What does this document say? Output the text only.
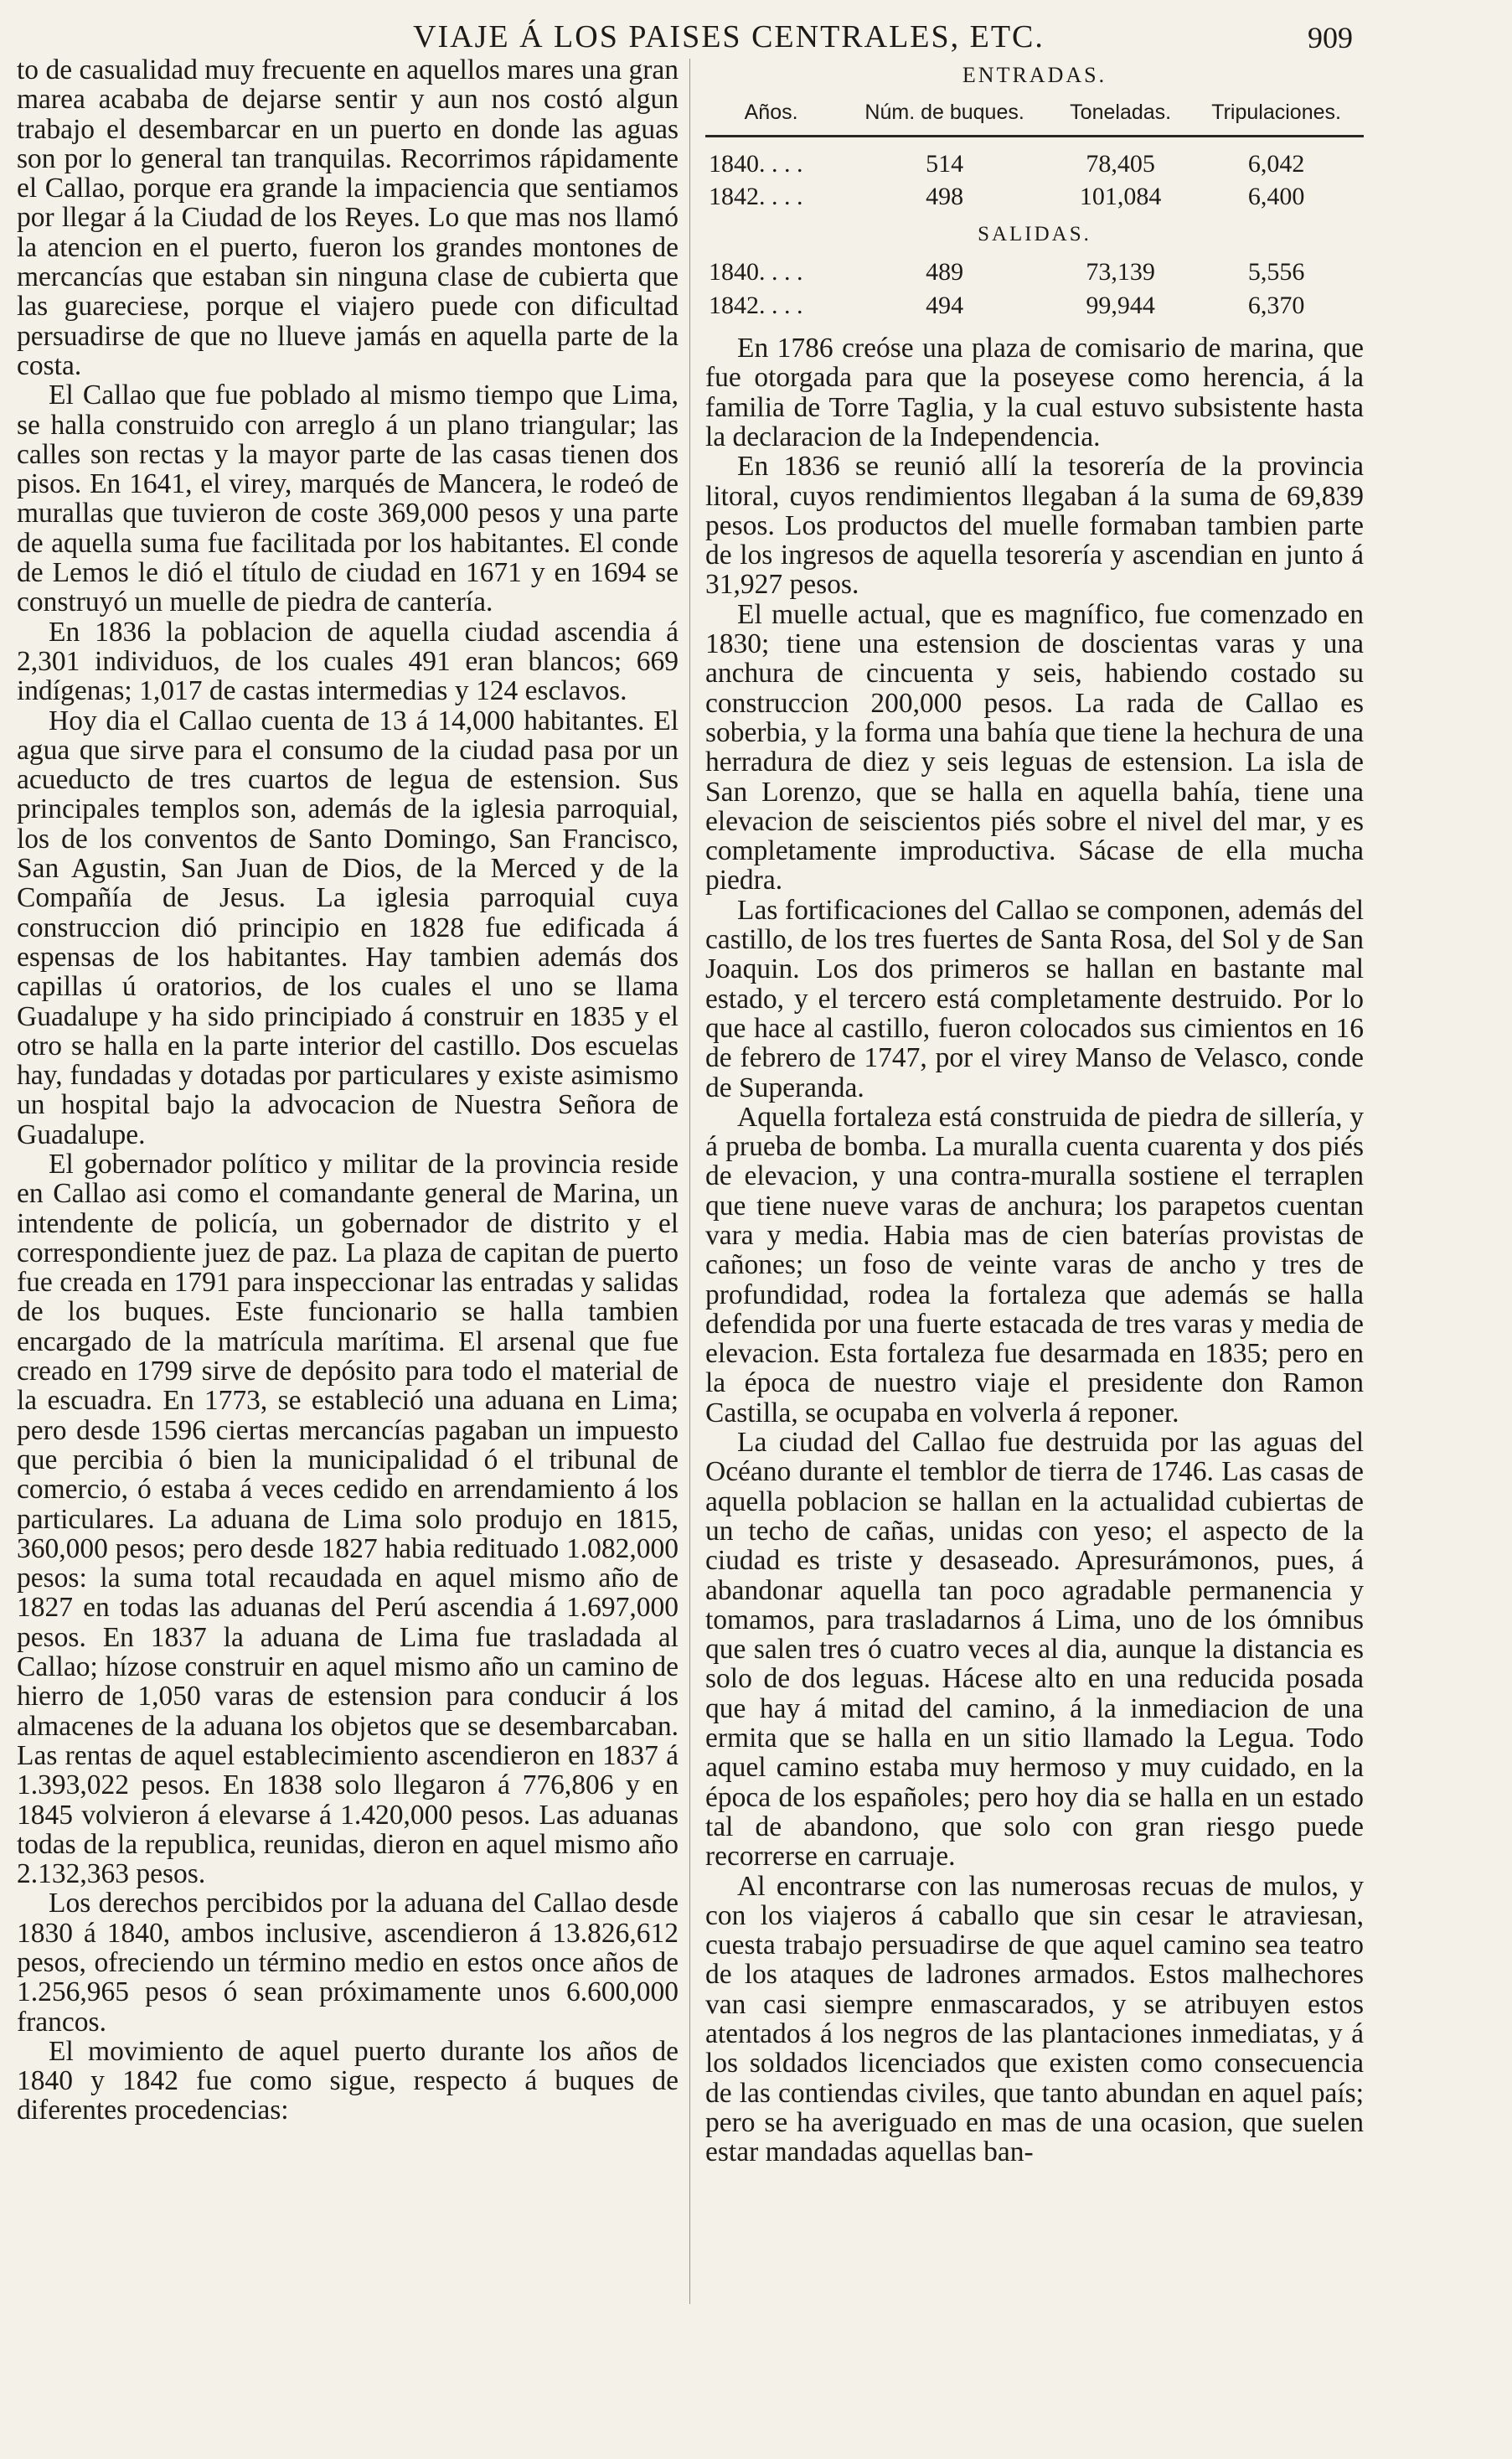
VIAJE Á LOS PAISES CENTRALES, ETC.	909

to de casualidad muy frecuente en aquellos mares una gran marea acababa de dejarse sentir y aun nos costó algun trabajo el desembarcar en un puerto en donde las aguas son por lo general tan tranquilas. Recorrimos rápidamente el Callao, porque era grande la impaciencia que sentiamos por llegar á la Ciudad de los Reyes. Lo que mas nos llamó la atencion en el puerto, fueron los grandes montones de mercancías que estaban sin ninguna clase de cubierta que las guareciese, porque el viajero puede con dificultad persuadirse de que no llueve jamás en aquella parte de la costa.

El Callao que fue poblado al mismo tiempo que Lima, se halla construido con arreglo á un plano triangular; las calles son rectas y la mayor parte de las casas tienen dos pisos. En 1641, el virey, marqués de Mancera, le rodeó de murallas que tuvieron de coste 369,000 pesos y una parte de aquella suma fue facilitada por los habitantes. El conde de Lemos le dió el título de ciudad en 1671 y en 1694 se construyó un muelle de piedra de cantería.

En 1836 la poblacion de aquella ciudad ascendia á 2,301 individuos, de los cuales 491 eran blancos; 669 indígenas; 1,017 de castas intermedias y 124 esclavos.

Hoy dia el Callao cuenta de 13 á 14,000 habitantes. El agua que sirve para el consumo de la ciudad pasa por un acueducto de tres cuartos de legua de estension. Sus principales templos son, además de la iglesia parroquial, los de los conventos de Santo Domingo, San Francisco, San Agustin, San Juan de Dios, de la Merced y de la Compañía de Jesus. La iglesia parroquial cuya construccion dió principio en 1828 fue edificada á espensas de los habitantes. Hay tambien además dos capillas ú oratorios, de los cuales el uno se llama Guadalupe y ha sido principiado á construir en 1835 y el otro se halla en la parte interior del castillo. Dos escuelas hay, fundadas y dotadas por particulares y existe asimismo un hospital bajo la advocacion de Nuestra Señora de Guadalupe.

El gobernador político y militar de la provincia reside en Callao asi como el comandante general de Marina, un intendente de policía, un gobernador de distrito y el correspondiente juez de paz. La plaza de capitan de puerto fue creada en 1791 para inspeccionar las entradas y salidas de los buques. Este funcionario se halla tambien encargado de la matrícula marítima. El arsenal que fue creado en 1799 sirve de depósito para todo el material de la escuadra. En 1773, se estableció una aduana en Lima; pero desde 1596 ciertas mercancías pagaban un impuesto que percibia ó bien la municipalidad ó el tribunal de comercio, ó estaba á veces cedido en arrendamiento á los particulares. La aduana de Lima solo produjo en 1815, 360,000 pesos; pero desde 1827 habia redituado 1.082,000 pesos: la suma total recaudada en aquel mismo año de 1827 en todas las aduanas del Perú ascendia á 1.697,000 pesos. En 1837 la aduana de Lima fue trasladada al Callao; hízose construir en aquel mismo año un camino de hierro de 1,050 varas de estension para conducir á los almacenes de la aduana los objetos que se desembarcaban. Las rentas de aquel establecimiento ascendieron en 1837 á 1.393,022 pesos. En 1838 solo llegaron á 776,806 y en 1845 volvieron á elevarse á 1.420,000 pesos. Las aduanas todas de la republica, reunidas, dieron en aquel mismo año 2.132,363 pesos.

Los derechos percibidos por la aduana del Callao desde 1830 á 1840, ambos inclusive, ascendieron á 13.826,612 pesos, ofreciendo un término medio en estos once años de 1.256,965 pesos ó sean próximamente unos 6.600,000 francos.

El movimiento de aquel puerto durante los años de 1840 y 1842 fue como sigue, respecto á buques de diferentes procedencias:

ENTRADAS.
Años.	Núm. de buques.	Toneladas.	Tripulaciones.

1840. . . .	514	78,405	6,042
1842. . . .	498	101,084	6,400
SALIDAS.			
1840. . . .	489	73,139	5,556
1842. . . .	494	99,944	6,370

En 1786 creóse una plaza de comisario de marina, que fue otorgada para que la poseyese como herencia, á la familia de Torre Taglia, y la cual estuvo subsistente hasta la declaracion de la Independencia.

En 1836 se reunió allí la tesorería de la provincia litoral, cuyos rendimientos llegaban á la suma de 69,839 pesos. Los productos del muelle formaban tambien parte de los ingresos de aquella tesorería y ascendian en junto á 31,927 pesos.

El muelle actual, que es magnífico, fue comenzado en 1830; tiene una estension de doscientas varas y una anchura de cincuenta y seis, habiendo costado su construccion 200,000 pesos. La rada de Callao es soberbia, y la forma una bahía que tiene la hechura de una herradura de diez y seis leguas de estension. La isla de San Lorenzo, que se halla en aquella bahía, tiene una elevacion de seiscientos piés sobre el nivel del mar, y es completamente improductiva. Sácase de ella mucha piedra.

Las fortificaciones del Callao se componen, además del castillo, de los tres fuertes de Santa Rosa, del Sol y de San Joaquin. Los dos primeros se hallan en bastante mal estado, y el tercero está completamente destruido. Por lo que hace al castillo, fueron colocados sus cimientos en 16 de febrero de 1747, por el virey Manso de Velasco, conde de Superanda.

Aquella fortaleza está construida de piedra de sillería, y á prueba de bomba. La muralla cuenta cuarenta y dos piés de elevacion, y una contra-muralla sostiene el terraplen que tiene nueve varas de anchura; los parapetos cuentan vara y media. Habia mas de cien baterías provistas de cañones; un foso de veinte varas de ancho y tres de profundidad, rodea la fortaleza que además se halla defendida por una fuerte estacada de tres varas y media de elevacion. Esta fortaleza fue desarmada en 1835; pero en la época de nuestro viaje el presidente don Ramon Castilla, se ocupaba en volverla á reponer.

La ciudad del Callao fue destruida por las aguas del Océano durante el temblor de tierra de 1746. Las casas de aquella poblacion se hallan en la actualidad cubiertas de un techo de cañas, unidas con yeso; el aspecto de la ciudad es triste y desaseado. Apresurámonos, pues, á abandonar aquella tan poco agradable permanencia y tomamos, para trasladarnos á Lima, uno de los ómnibus que salen tres ó cuatro veces al dia, aunque la distancia es solo de dos leguas. Hácese alto en una reducida posada que hay á mitad del camino, á la inmediacion de una ermita que se halla en un sitio llamado la Legua. Todo aquel camino estaba muy hermoso y muy cuidado, en la época de los españoles; pero hoy dia se halla en un estado tal de abandono, que solo con gran riesgo puede recorrerse en carruaje.

Al encontrarse con las numerosas recuas de mulos, y con los viajeros á caballo que sin cesar le atraviesan, cuesta trabajo persuadirse de que aquel camino sea teatro de los ataques de ladrones armados. Estos malhechores van casi siempre enmascarados, y se atribuyen estos atentados á los negros de las plantaciones inmediatas, y á los soldados licenciados que existen como consecuencia de las contiendas civiles, que tanto abundan en aquel país; pero se ha averiguado en mas de una ocasion, que suelen estar mandadas aquellas ban-
